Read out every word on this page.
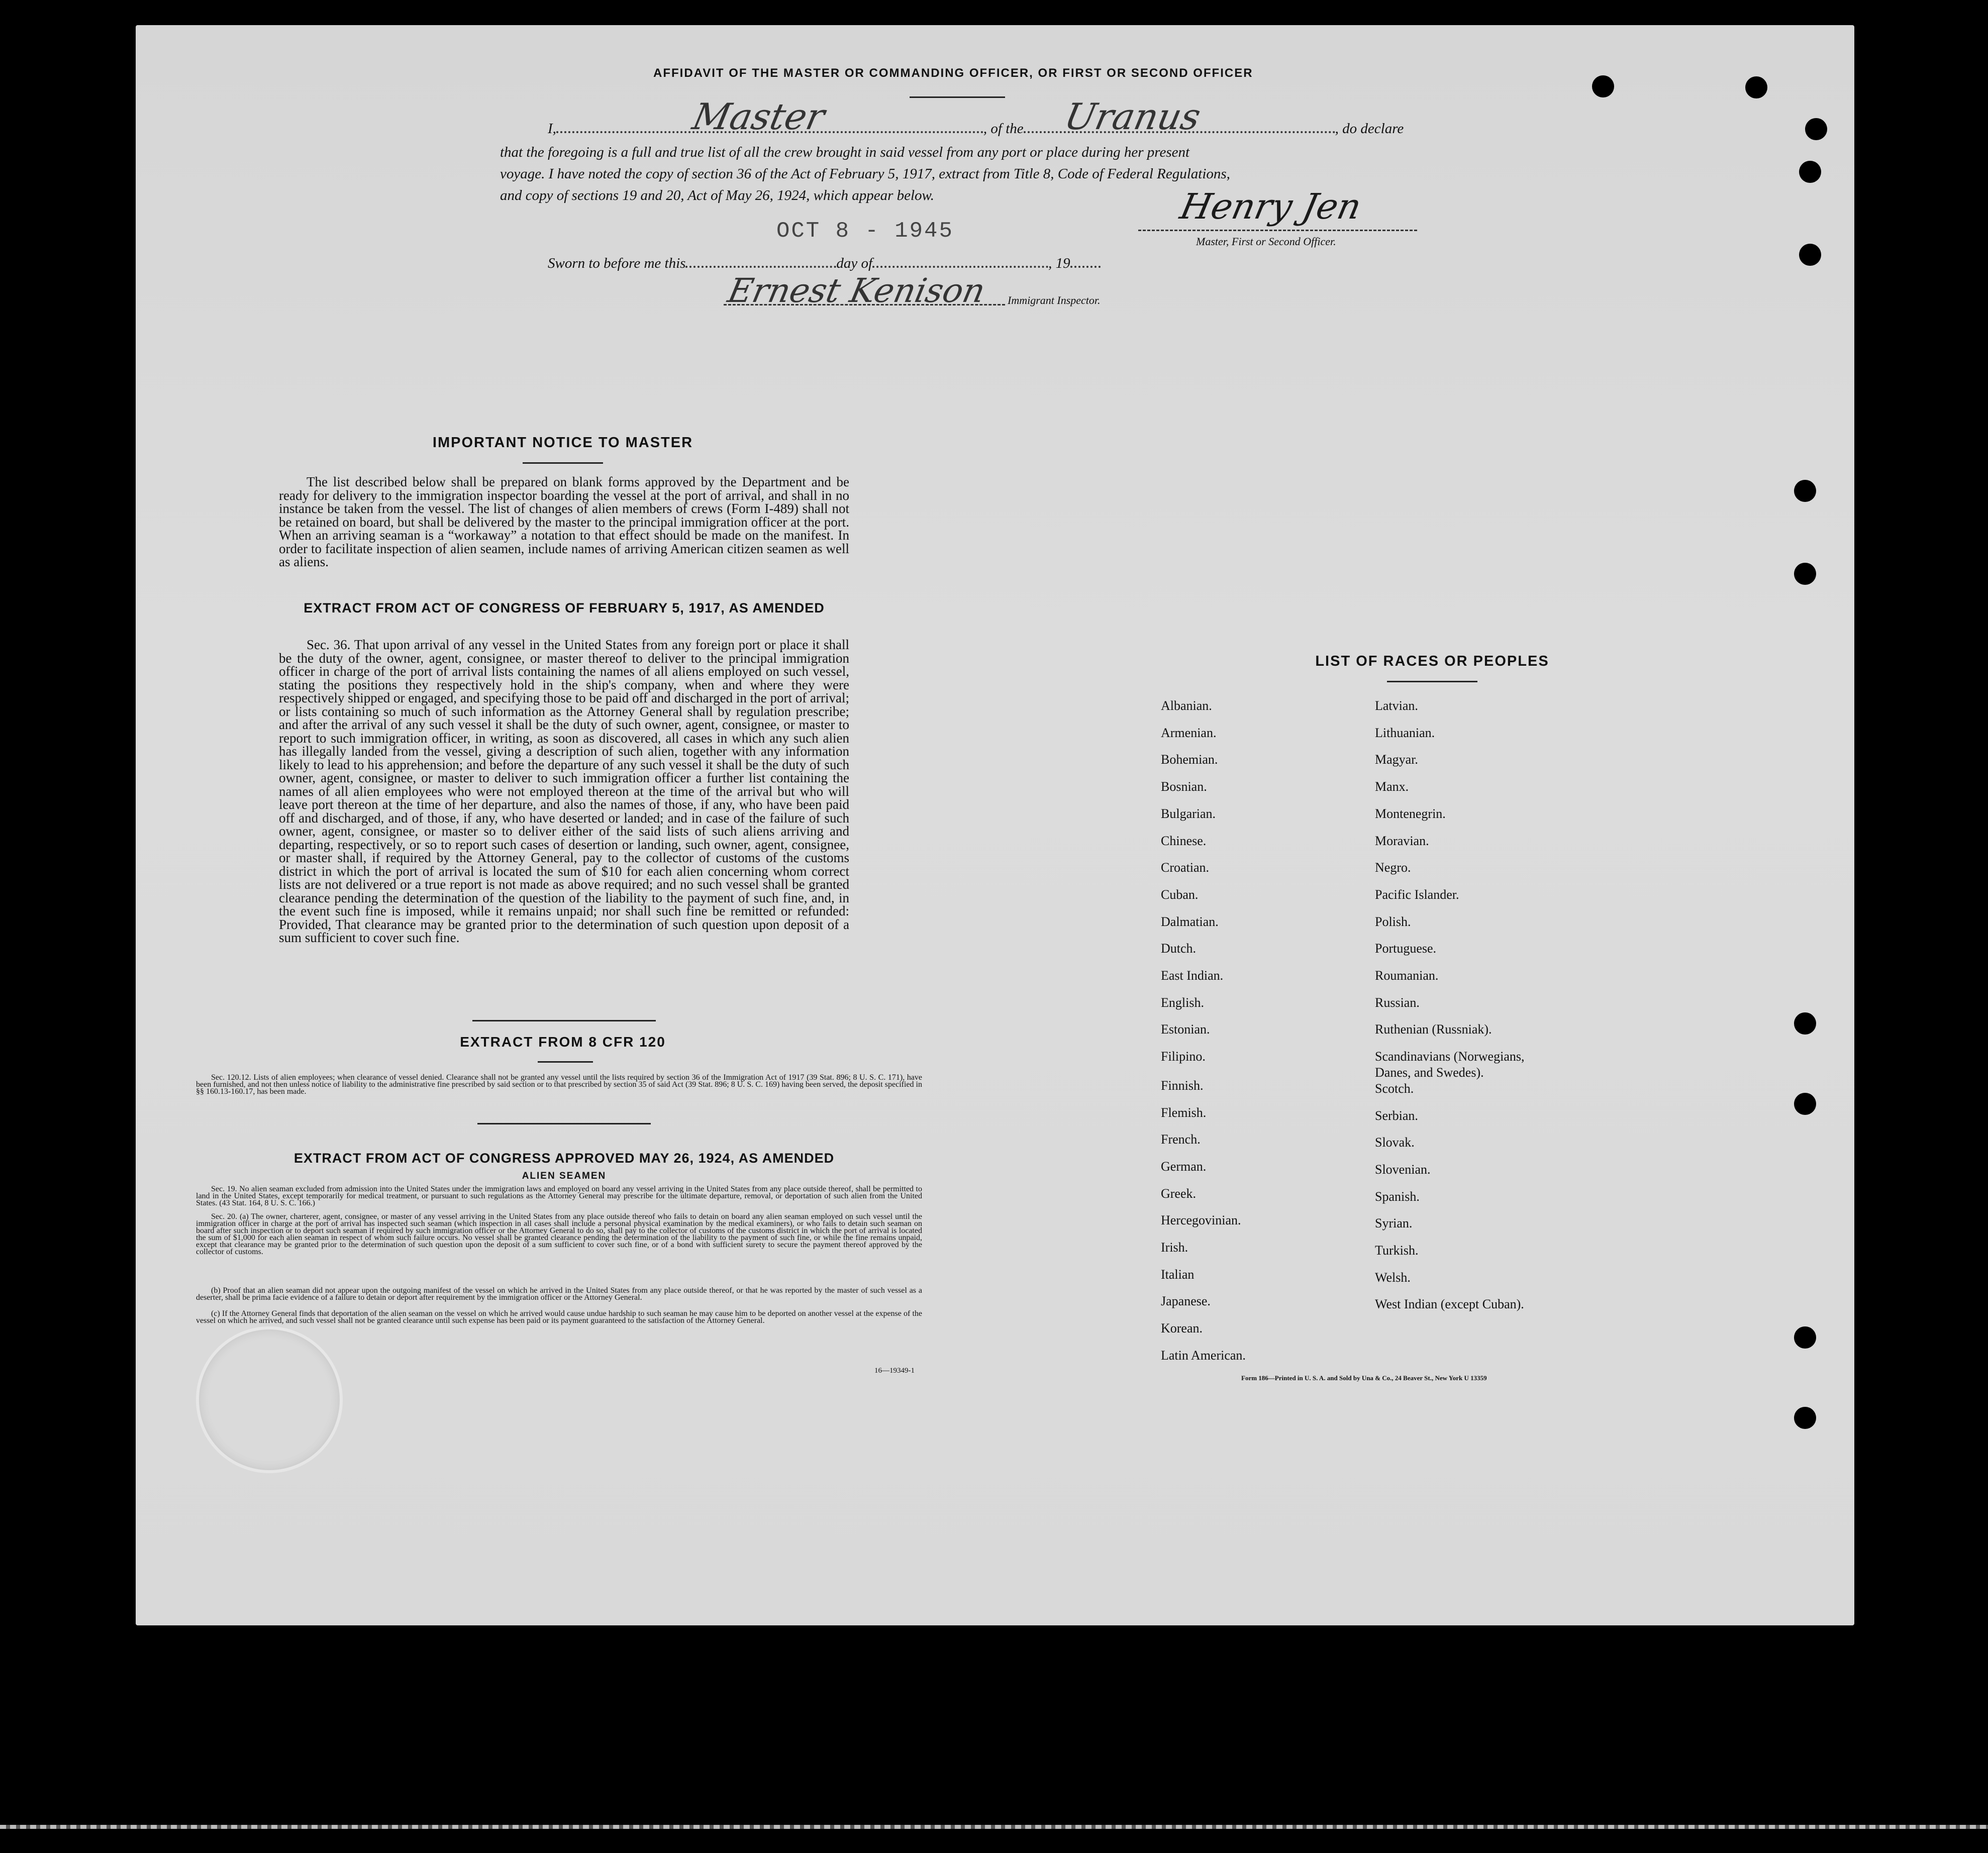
AFFIDAVIT OF THE MASTER OR COMMANDING OFFICER, OR FIRST OR SECOND OFFICER
I,	, of the	, do declare
Master	Uranus
that the foregoing is a full and true list of all the crew brought in said vessel from any port or place during her present
voyage. I have noted the copy of section 36 of the Act of February 5, 1917, extract from Title 8, Code of Federal Regulations,
and copy of sections 19 and 20, Act of May 26, 1924, which appear below.
OCT 8 - 1945
Henry Jen
Master, First or Second Officer.
Sworn to before me this	day of	, 19
Ernest Kenison Immigrant Inspector.
IMPORTANT NOTICE TO MASTER
The list described below shall be prepared on blank forms approved by the Department and be ready for delivery to the immigration inspector boarding the vessel at the port of arrival, and shall in no instance be taken from the vessel. The list of changes of alien members of crews (Form I-489) shall not be retained on board, but shall be delivered by the master to the principal immigration officer at the port. When an arriving seaman is a “workaway” a notation to that effect should be made on the manifest. In order to facilitate inspection of alien seamen, include names of arriving American citizen seamen as well as aliens.
EXTRACT FROM ACT OF CONGRESS OF FEBRUARY 5, 1917, AS AMENDED
Sec. 36. That upon arrival of any vessel in the United States from any foreign port or place it shall be the duty of the owner, agent, consignee, or master thereof to deliver to the principal immigration officer in charge of the port of arrival lists containing the names of all aliens employed on such vessel, stating the positions they respectively hold in the ship's company, when and where they were respectively shipped or engaged, and specifying those to be paid off and discharged in the port of arrival; or lists containing so much of such information as the Attorney General shall by regulation prescribe; and after the arrival of any such vessel it shall be the duty of such owner, agent, consignee, or master to report to such immigration officer, in writing, as soon as discovered, all cases in which any such alien has illegally landed from the vessel, giving a description of such alien, together with any information likely to lead to his apprehension; and before the departure of any such vessel it shall be the duty of such owner, agent, consignee, or master to deliver to such immigration officer a further list containing the names of all alien employees who were not employed thereon at the time of the arrival but who will leave port thereon at the time of her departure, and also the names of those, if any, who have been paid off and discharged, and of those, if any, who have deserted or landed; and in case of the failure of such owner, agent, consignee, or master so to deliver either of the said lists of such aliens arriving and departing, respectively, or so to report such cases of desertion or landing, such owner, agent, consignee, or master shall, if required by the Attorney General, pay to the collector of customs of the customs district in which the port of arrival is located the sum of $10 for each alien concerning whom correct lists are not delivered or a true report is not made as above required; and no such vessel shall be granted clearance pending the determination of the question of the liability to the payment of such fine, and, in the event such fine is imposed, while it remains unpaid; nor shall such fine be remitted or refunded: Provided, That clearance may be granted prior to the determination of such question upon deposit of a sum sufficient to cover such fine.
EXTRACT FROM 8 CFR 120
Sec. 120.12. Lists of alien employees; when clearance of vessel denied. Clearance shall not be granted any vessel until the lists required by section 36 of the Immigration Act of 1917 (39 Stat. 896; 8 U. S. C. 171), have been furnished, and not then unless notice of liability to the administrative fine prescribed by said section or to that prescribed by section 35 of said Act (39 Stat. 896; 8 U. S. C. 169) having been served, the deposit specified in §§ 160.13-160.17, has been made.
EXTRACT FROM ACT OF CONGRESS APPROVED MAY 26, 1924, AS AMENDED
ALIEN SEAMEN
Sec. 19. No alien seaman excluded from admission into the United States under the immigration laws and employed on board any vessel arriving in the United States from any place outside thereof, shall be permitted to land in the United States, except temporarily for medical treatment, or pursuant to such regulations as the Attorney General may prescribe for the ultimate departure, removal, or deportation of such alien from the United States. (43 Stat. 164, 8 U. S. C. 166.)
Sec. 20. (a) The owner, charterer, agent, consignee, or master of any vessel arriving in the United States from any place outside thereof who fails to detain on board any alien seaman employed on such vessel until the immigration officer in charge at the port of arrival has inspected such seaman (which inspection in all cases shall include a personal physical examination by the medical examiners), or who fails to detain such seaman on board after such inspection or to deport such seaman if required by such immigration officer or the Attorney General to do so, shall pay to the collector of customs of the customs district in which the port of arrival is located the sum of $1,000 for each alien seaman in respect of whom such failure occurs. No vessel shall be granted clearance pending the determination of the liability to the payment of such fine, or while the fine remains unpaid, except that clearance may be granted prior to the determination of such question upon the deposit of a sum sufficient to cover such fine, or of a bond with sufficient surety to secure the payment thereof approved by the collector of customs.
(b) Proof that an alien seaman did not appear upon the outgoing manifest of the vessel on which he arrived in the United States from any place outside thereof, or that he was reported by the master of such vessel as a deserter, shall be prima facie evidence of a failure to detain or deport after requirement by the immigration officer or the Attorney General.
(c) If the Attorney General finds that deportation of the alien seaman on the vessel on which he arrived would cause undue hardship to such seaman he may cause him to be deported on another vessel at the expense of the vessel on which he arrived, and such vessel shall not be granted clearance until such expense has been paid or its payment guaranteed to the satisfaction of the Attorney General.
16—19349-1
LIST OF RACES OR PEOPLES
Albanian.
Armenian.
Bohemian.
Bosnian.
Bulgarian.
Chinese.
Croatian.
Cuban.
Dalmatian.
Dutch.
East Indian.
English.
Estonian.
Filipino.
Finnish.
Flemish.
French.
German.
Greek.
Hercegovinian.
Irish.
Italian
Japanese.
Korean.
Latin American.
Latvian.
Lithuanian.
Magyar.
Manx.
Montenegrin.
Moravian.
Negro.
Pacific Islander.
Polish.
Portuguese.
Roumanian.
Russian.
Ruthenian (Russniak).
Scandinavians (Norwegians,
Danes, and Swedes).
Scotch.
Serbian.
Slovak.
Slovenian.
Spanish.
Syrian.
Turkish.
Welsh.
West Indian (except Cuban).
Form 186—Printed in U. S. A. and Sold by Una & Co., 24 Beaver St., New York U 13359
